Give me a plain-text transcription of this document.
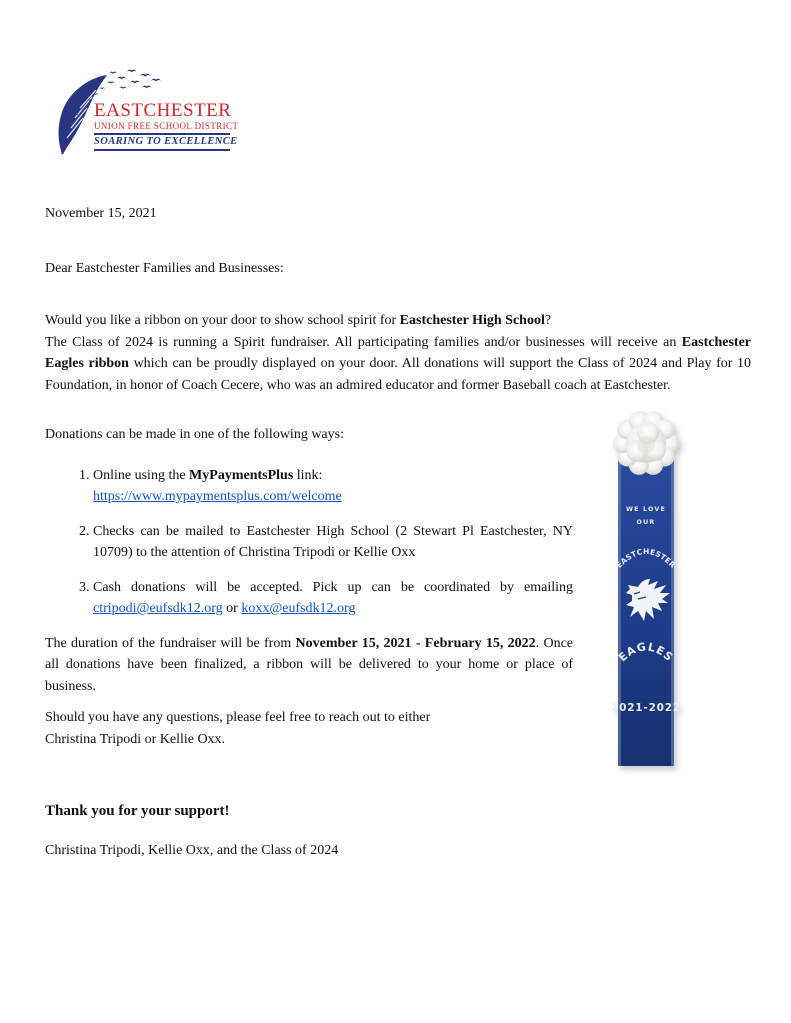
EASTCHESTER
UNION FREE SCHOOL DISTRICT
SOARING TO EXCELLENCE
WE LOVE
OUR
EASTCHESTER
EAGLES
2021-2022

November 15, 2021

Dear Eastchester Families and Businesses:

Would you like a ribbon on your door to show school spirit for Eastchester High School?
The Class of 2024 is running a Spirit fundraiser. All participating families and/or businesses will receive an Eastchester Eagles ribbon which can be proudly displayed on your door. All donations will support the Class of 2024 and Play for 10 Foundation, in honor of Coach Cecere, who was an admired educator and former Baseball coach at Eastchester.

Donations can be made in one of the following ways:

1. Online using the MyPaymentsPlus link:
https://www.mypaymentsplus.com/welcome
2. Checks can be mailed to Eastchester High School (2 Stewart Pl Eastchester, NY 10709) to the attention of Christina Tripodi or Kellie Oxx
3. Cash donations will be accepted. Pick up can be coordinated by emailing ctripodi@eufsdk12.org or koxx@eufsdk12.org

The duration of the fundraiser will be from November 15, 2021 - February 15, 2022. Once all donations have been finalized, a ribbon will be delivered to your home or place of business.

Should you have any questions, please feel free to reach out to either
Christina Tripodi or Kellie Oxx.

Thank you for your support!

Christina Tripodi, Kellie Oxx, and the Class of 2024
